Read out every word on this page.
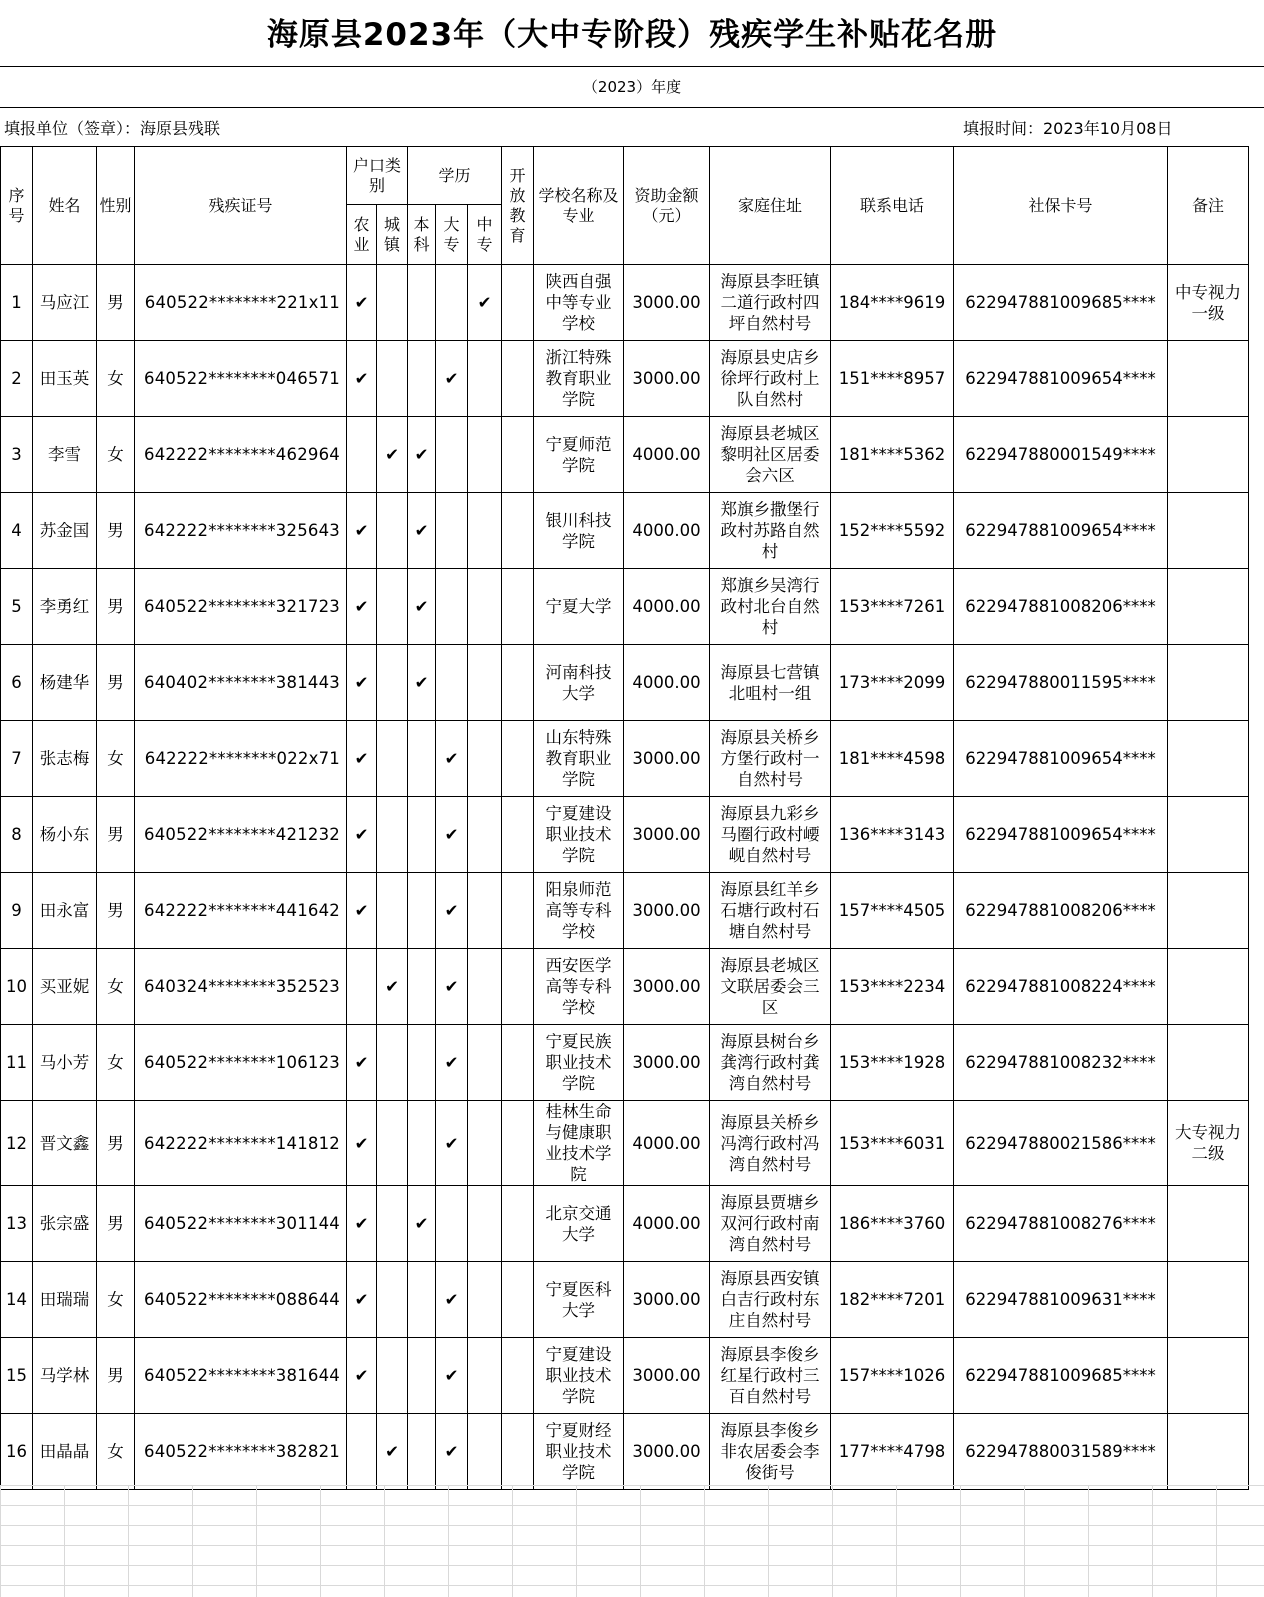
海原县2023年（大中专阶段）残疾学生补贴花名册
（2023）年度
填报单位（签章）：海原县残联	填报时间：2023年10月08日
序号	姓名	性别	残疾证号	户口类别		学历			开放教育	学校名称及专业	资助金额（元）	家庭住址	联系电话	社保卡号	备注
				农业	城镇	本科	大专	中专							
1	马应江	男	640522********221x11	✔				✔		陕西自强中等专业学校	3000.00	海原县李旺镇二道行政村四坪自然村号	184****9619	622947881009685****	中专视力一级
2	田玉英	女	640522********046571	✔			✔			浙江特殊教育职业学院	3000.00	海原县史店乡徐坪行政村上队自然村	151****8957	622947881009654****	
3	李雪	女	642222********462964		✔	✔				宁夏师范学院	4000.00	海原县老城区黎明社区居委会六区	181****5362	622947880001549****	
4	苏金国	男	642222********325643	✔		✔				银川科技学院	4000.00	郑旗乡撒堡行政村苏路自然村	152****5592	622947881009654****	
5	李勇红	男	640522********321723	✔		✔				宁夏大学	4000.00	郑旗乡吴湾行政村北台自然村	153****7261	622947881008206****	
6	杨建华	男	640402********381443	✔		✔				河南科技大学	4000.00	海原县七营镇北咀村一组	173****2099	622947880011595****	
7	张志梅	女	642222********022x71	✔			✔			山东特殊教育职业学院	3000.00	海原县关桥乡方堡行政村一自然村号	181****4598	622947881009654****	
8	杨小东	男	640522********421232	✔			✔			宁夏建设职业技术学院	3000.00	海原县九彩乡马圈行政村崾岘自然村号	136****3143	622947881009654****	
9	田永富	男	642222********441642	✔			✔			阳泉师范高等专科学校	3000.00	海原县红羊乡石塘行政村石塘自然村号	157****4505	622947881008206****	
10	买亚妮	女	640324********352523		✔		✔			西安医学高等专科学校	3000.00	海原县老城区文联居委会三区	153****2234	622947881008224****	
11	马小芳	女	640522********106123	✔			✔			宁夏民族职业技术学院	3000.00	海原县树台乡龚湾行政村龚湾自然村号	153****1928	622947881008232****	
12	晋文鑫	男	642222********141812	✔			✔			桂林生命与健康职业技术学院	4000.00	海原县关桥乡冯湾行政村冯湾自然村号	153****6031	622947880021586****	大专视力二级
13	张宗盛	男	640522********301144	✔		✔				北京交通大学	4000.00	海原县贾塘乡双河行政村南湾自然村号	186****3760	622947881008276****	
14	田瑞瑞	女	640522********088644	✔			✔			宁夏医科大学	3000.00	海原县西安镇白吉行政村东庄自然村号	182****7201	622947881009631****	
15	马学林	男	640522********381644	✔			✔			宁夏建设职业技术学院	3000.00	海原县李俊乡红星行政村三百自然村号	157****1026	622947881009685****	
16	田晶晶	女	640522********382821		✔		✔			宁夏财经职业技术学院	3000.00	海原县李俊乡非农居委会李俊街号	177****4798	622947880031589****	
